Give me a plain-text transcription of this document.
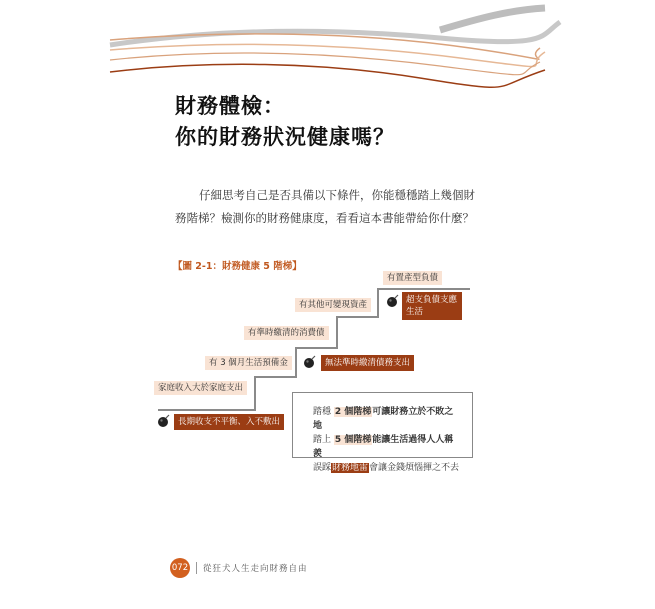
財務體檢：
你的財務狀況健康嗎？
仔細思考自己是否具備以下條件，你能穩穩踏上幾個財
務階梯？檢測你的財務健康度，看看這本書能帶給你什麼？
【圖 2-1：財務健康 5 階梯】
有置產型負債
有其他可變現資產
有準時繳清的消費債
有 3 個月生活預備金
家庭收入大於家庭支出
超支負債支應生活
無法準時繳清債務支出
長期收支不平衡、入不敷出
踏穩 2 個階梯可讓財務立於不敗之地
踏上 5 個階梯能讓生活過得人人稱羨
誤踩財務地雷會讓金錢煩惱揮之不去
072 從狂犬人生走向財務自由
